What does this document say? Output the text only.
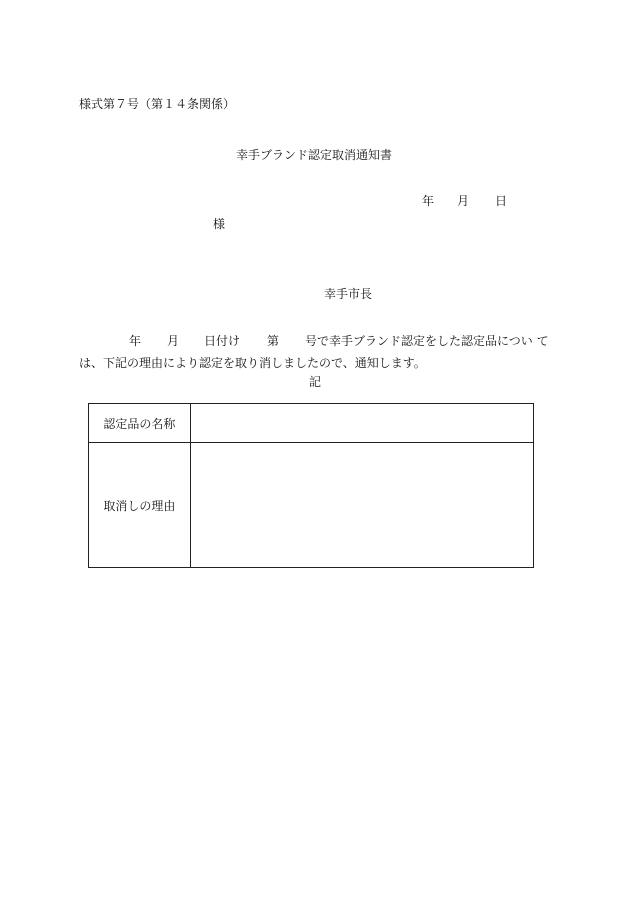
様式第７号（第１４条関係）
幸手ブランド認定取消通知書
年 月 日
様
幸手市長
年 月 日付け 第 号で幸手ブランド認定をした認定品につい て
は、下記の理由により認定を取り消しましたので、通知します。
記
認定品の名称	
取消しの理由	
